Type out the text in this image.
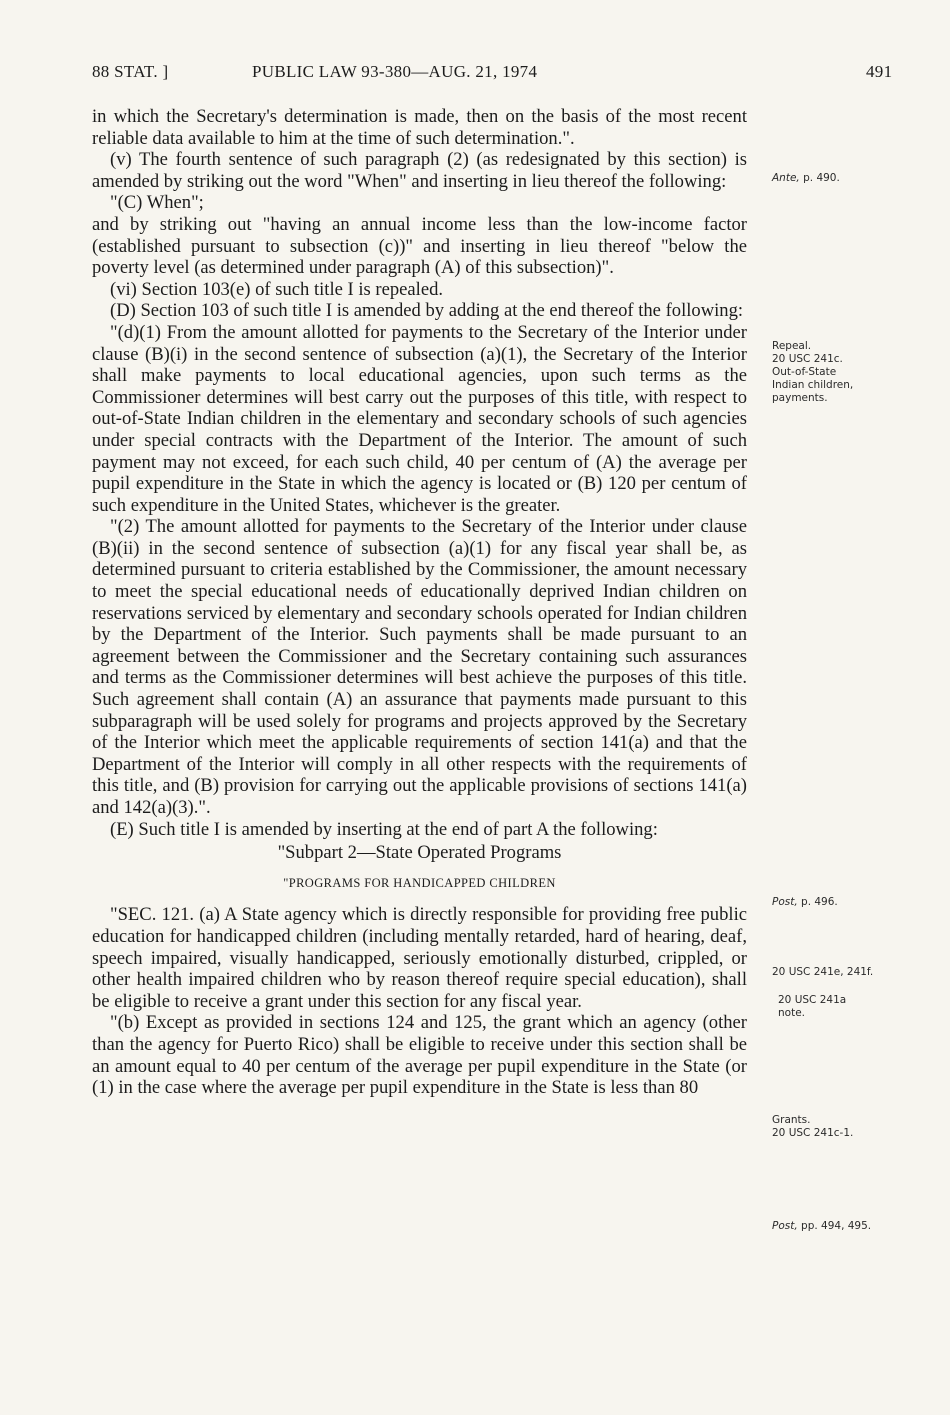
88 STAT. ]	PUBLIC LAW 93-380—AUG. 21, 1974	491

in which the Secretary's determination is made, then on the basis of the most recent reliable data available to him at the time of such determination.".

(v) The fourth sentence of such paragraph (2) (as redesignated by this section) is amended by striking out the word "When" and inserting in lieu thereof the following:

"(C) When";

and by striking out "having an annual income less than the low-income factor (established pursuant to subsection (c))" and inserting in lieu thereof "below the poverty level (as determined under paragraph (A) of this subsection)".

(vi) Section 103(e) of such title I is repealed.

(D) Section 103 of such title I is amended by adding at the end thereof the following:

"(d)(1) From the amount allotted for payments to the Secretary of the Interior under clause (B)(i) in the second sentence of subsection (a)(1), the Secretary of the Interior shall make payments to local educational agencies, upon such terms as the Commissioner determines will best carry out the purposes of this title, with respect to out-of-State Indian children in the elementary and secondary schools of such agencies under special contracts with the Department of the Interior. The amount of such payment may not exceed, for each such child, 40 per centum of (A) the average per pupil expenditure in the State in which the agency is located or (B) 120 per centum of such expenditure in the United States, whichever is the greater.

"(2) The amount allotted for payments to the Secretary of the Interior under clause (B)(ii) in the second sentence of subsection (a)(1) for any fiscal year shall be, as determined pursuant to criteria established by the Commissioner, the amount necessary to meet the special educational needs of educationally deprived Indian children on reservations serviced by elementary and secondary schools operated for Indian children by the Department of the Interior. Such payments shall be made pursuant to an agreement between the Commissioner and the Secretary containing such assurances and terms as the Commissioner determines will best achieve the purposes of this title. Such agreement shall contain (A) an assurance that payments made pursuant to this subparagraph will be used solely for programs and projects approved by the Secretary of the Interior which meet the applicable requirements of section 141(a) and that the Department of the Interior will comply in all other respects with the requirements of this title, and (B) provision for carrying out the applicable provisions of sections 141(a) and 142(a)(3).".

(E) Such title I is amended by inserting at the end of part A the following:

"Subpart 2—State Operated Programs

"PROGRAMS FOR HANDICAPPED CHILDREN

"SEC. 121. (a) A State agency which is directly responsible for providing free public education for handicapped children (including mentally retarded, hard of hearing, deaf, speech impaired, visually handicapped, seriously emotionally disturbed, crippled, or other health impaired children who by reason thereof require special education), shall be eligible to receive a grant under this section for any fiscal year.

"(b) Except as provided in sections 124 and 125, the grant which an agency (other than the agency for Puerto Rico) shall be eligible to receive under this section shall be an amount equal to 40 per centum of the average per pupil expenditure in the State (or (1) in the case where the average per pupil expenditure in the State is less than 80

Ante, p. 490.
Repeal.
20 USC 241c.
Out-of-State Indian children, payments.
Post, p. 496.
20 USC 241e, 241f.
20 USC 241a note.
Grants.
20 USC 241c-1.
Post, pp. 494, 495.
